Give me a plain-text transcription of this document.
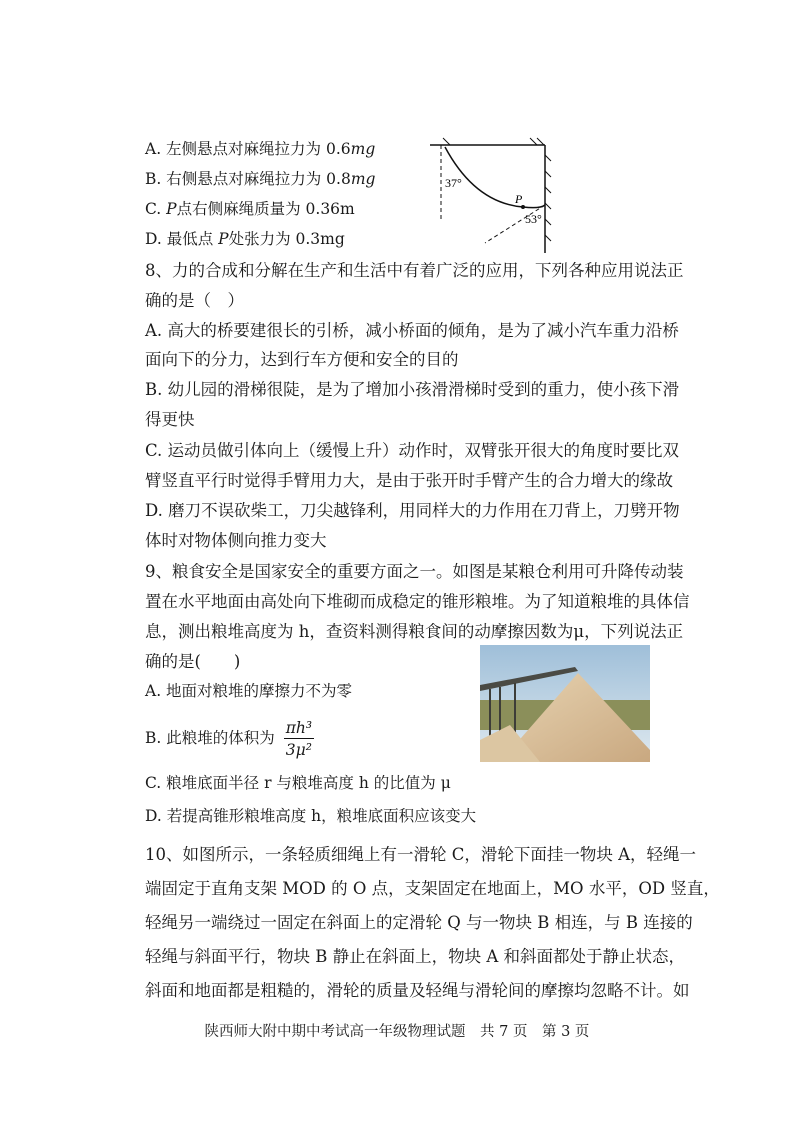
A. 左侧悬点对麻绳拉力为 0.6mg
B. 右侧悬点对麻绳拉力为 0.8mg
C. P点右侧麻绳质量为 0.36m
D. 最低点 P处张力为 0.3mg
37°
P
53°
8、力的合成和分解在生产和生活中有着广泛的应用，下列各种应用说法正
确的是（　）
A. 高大的桥要建很长的引桥，减小桥面的倾角，是为了减小汽车重力沿桥
面向下的分力，达到行车方便和安全的目的
B. 幼儿园的滑梯很陡，是为了增加小孩滑滑梯时受到的重力，使小孩下滑
得更快
C. 运动员做引体向上（缓慢上升）动作时，双臂张开很大的角度时要比双
臂竖直平行时觉得手臂用力大，是由于张开时手臂产生的合力增大的缘故
D. 磨刀不误砍柴工，刀尖越锋利，用同样大的力作用在刀背上，刀劈开物
体时对物体侧向推力变大
9、粮食安全是国家安全的重要方面之一。如图是某粮仓利用可升降传动装
置在水平地面由高处向下堆砌而成稳定的锥形粮堆。为了知道粮堆的具体信
息，测出粮堆高度为 h，查资料测得粮食间的动摩擦因数为μ，下列说法正
确的是(　　)
A. 地面对粮堆的摩擦力不为零
B. 此粮堆的体积为 $\frac{\text{πh³}}{\text{3μ²}}$
C. 粮堆底面半径 r 与粮堆高度 h 的比值为 μ
D. 若提高锥形粮堆高度 h，粮堆底面积应该变大
10、如图所示，一条轻质细绳上有一滑轮 C，滑轮下面挂一物块 A，轻绳一
端固定于直角支架 MOD 的 O 点，支架固定在地面上，MO 水平，OD 竖直，
轻绳另一端绕过一固定在斜面上的定滑轮 Q 与一物块 B 相连，与 B 连接的
轻绳与斜面平行，物块 B 静止在斜面上，物块 A 和斜面都处于静止状态，
斜面和地面都是粗糙的，滑轮的质量及轻绳与滑轮间的摩擦均忽略不计。如
陕西师大附中期中考试高一年级物理试题　共 7 页　第 3 页
